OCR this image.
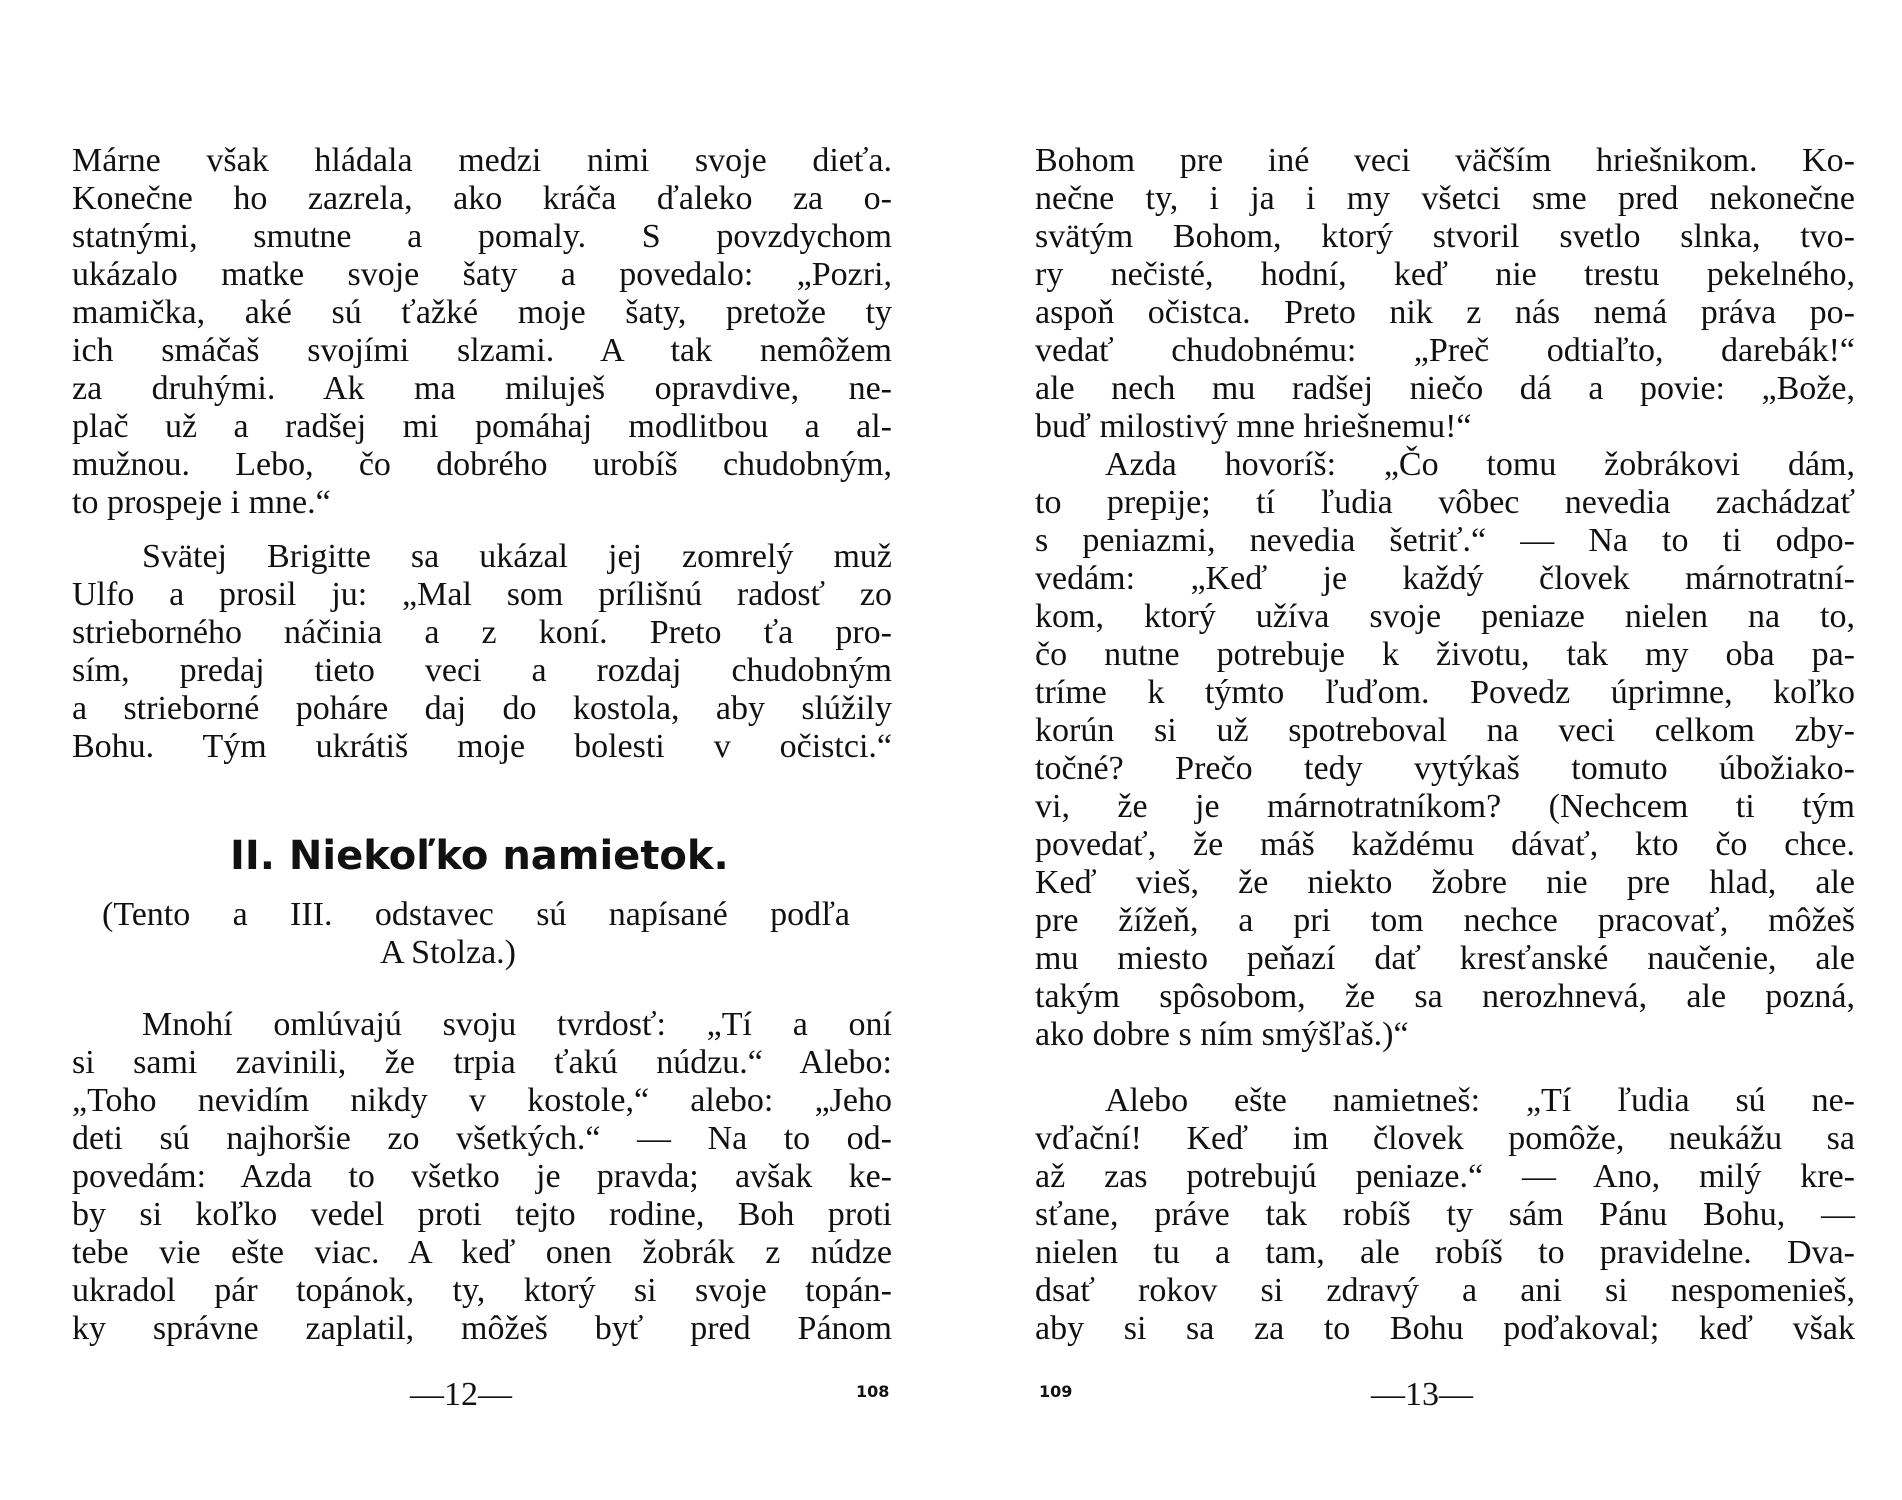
Márne však hládala medzi nimi svoje dieťa.
Konečne ho zazrela, ako kráča ďaleko za o-
statnými, smutne a pomaly. S povzdychom
ukázalo matke svoje šaty a povedalo: „Pozri,
mamička, aké sú ťažké moje šaty, pretože ty
ich smáčaš svojími slzami. A tak nemôžem
za druhými. Ak ma miluješ opravdive, ne-
plač už a radšej mi pomáhaj modlitbou a al-
mužnou. Lebo, čo dobrého urobíš chudobným,
to prospeje i mne.“
Svätej Brigitte sa ukázal jej zomrelý muž
Ulfo a prosil ju: „Mal som prílišnú radosť zo
strieborného náčinia a z koní. Preto ťa pro-
sím, predaj tieto veci a rozdaj chudobným
a strieborné poháre daj do kostola, aby slúžily
Bohu. Tým ukrátiš moje bolesti v očistci.“
II. Niekoľko namietok.
(Tento a III. odstavec sú napísané podľa
A Stolza.)
Mnohí omlúvajú svoju tvrdosť: „Tí a oní
si sami zavinili, že trpia ťakú núdzu.“ Alebo:
„Toho nevidím nikdy v kostole,“ alebo: „Jeho
deti sú najhoršie zo všetkých.“ — Na to od-
povedám: Azda to všetko je pravda; avšak ke-
by si koľko vedel proti tejto rodine, Boh proti
tebe vie ešte viac. A keď onen žobrák z núdze
ukradol pár topánok, ty, ktorý si svoje topán-
ky správne zaplatil, môžeš byť pred Pánom
—12—	108
Bohom pre iné veci väčším hriešnikom. Ko-
nečne ty, i ja i my všetci sme pred nekonečne
svätým Bohom, ktorý stvoril svetlo slnka, tvo-
ry nečisté, hodní, keď nie trestu pekelného,
aspoň očistca. Preto nik z nás nemá práva po-
vedať chudobnému: „Preč odtiaľto, darebák!“
ale nech mu radšej niečo dá a povie: „Bože,
buď milostivý mne hriešnemu!“
Azda hovoríš: „Čo tomu žobrákovi dám,
to prepije; tí ľudia vôbec nevedia zachádzať
s peniazmi, nevedia šetriť.“ — Na to ti odpo-
vedám: „Keď je každý človek márnotratní-
kom, ktorý užíva svoje peniaze nielen na to,
čo nutne potrebuje k životu, tak my oba pa-
tríme k týmto ľuďom. Povedz úprimne, koľko
korún si už spotreboval na veci celkom zby-
točné? Prečo tedy vytýkaš tomuto úbožiako-
vi, že je márnotratníkom? (Nechcem ti tým
povedať, že máš každému dávať, kto čo chce.
Keď vieš, že niekto žobre nie pre hlad, ale
pre žížeň, a pri tom nechce pracovať, môžeš
mu miesto peňazí dať kresťanské naučenie, ale
takým spôsobom, že sa nerozhnevá, ale pozná,
ako dobre s ním smýšľaš.)“
Alebo ešte namietneš: „Tí ľudia sú ne-
vďační! Keď im človek pomôže, neukážu sa
až zas potrebujú peniaze.“ — Ano, milý kre-
sťane, práve tak robíš ty sám Pánu Bohu, —
nielen tu a tam, ale robíš to pravidelne. Dva-
dsať rokov si zdravý a ani si nespomenieš,
aby si sa za to Bohu poďakoval; keď však
109	—13—
